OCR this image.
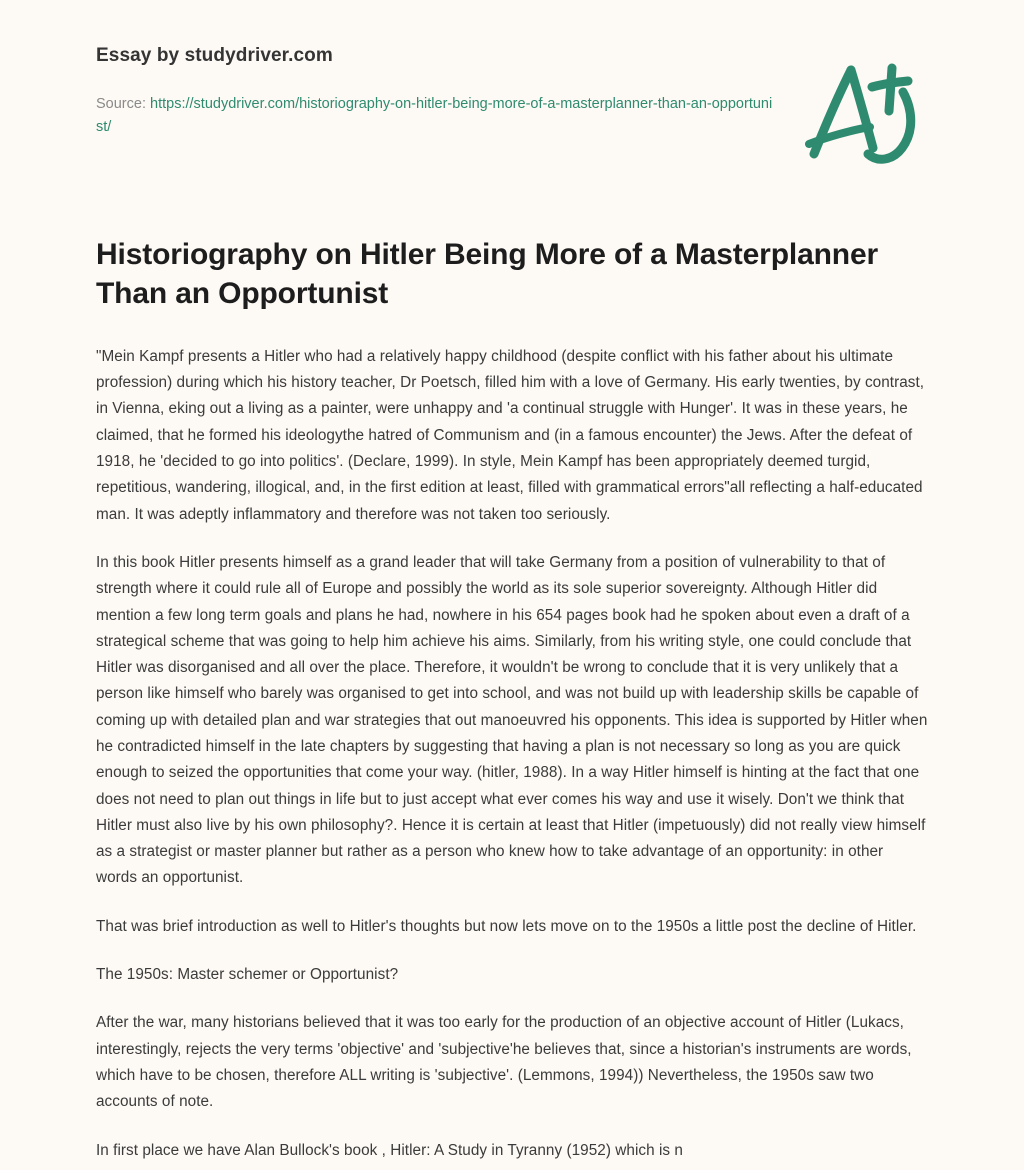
Essay by studydriver.com

Source: https://studydriver.com/historiography-on-hitler-being-more-of-a-masterplanner-than-an-opportunist/
Historiography on Hitler Being More of a Masterplanner Than an Opportunist

"Mein Kampf presents a Hitler who had a relatively happy childhood (despite conflict with his father about his ultimate profession) during which his history teacher, Dr Poetsch, filled him with a love of Germany. His early twenties, by contrast, in Vienna, eking out a living as a painter, were unhappy and 'a continual struggle with Hunger'. It was in these years, he claimed, that he formed his ideologythe hatred of Communism and (in a famous encounter) the Jews. After the defeat of 1918, he 'decided to go into politics'. (Declare, 1999). In style, Mein Kampf has been appropriately deemed turgid, repetitious, wandering, illogical, and, in the first edition at least, filled with grammatical errors"all reflecting a half-educated man. It was adeptly inflammatory and therefore was not taken too seriously.

In this book Hitler presents himself as a grand leader that will take Germany from a position of vulnerability to that of strength where it could rule all of Europe and possibly the world as its sole superior sovereignty. Although Hitler did mention a few long term goals and plans he had, nowhere in his 654 pages book had he spoken about even a draft of a strategical scheme that was going to help him achieve his aims. Similarly, from his writing style, one could conclude that Hitler was disorganised and all over the place. Therefore, it wouldn't be wrong to conclude that it is very unlikely that a person like himself who barely was organised to get into school, and was not build up with leadership skills be capable of coming up with detailed plan and war strategies that out manoeuvred his opponents. This idea is supported by Hitler when he contradicted himself in the late chapters by suggesting that having a plan is not necessary so long as you are quick enough to seized the opportunities that come your way. (hitler, 1988). In a way Hitler himself is hinting at the fact that one does not need to plan out things in life but to just accept what ever comes his way and use it wisely. Don't we think that Hitler must also live by his own philosophy?. Hence it is certain at least that Hitler (impetuously) did not really view himself as a strategist or master planner but rather as a person who knew how to take advantage of an opportunity: in other words an opportunist.

That was brief introduction as well to Hitler's thoughts but now lets move on to the 1950s a little post the decline of Hitler.

The 1950s: Master schemer or Opportunist?

After the war, many historians believed that it was too early for the production of an objective account of Hitler (Lukacs, interestingly, rejects the very terms 'objective' and 'subjective'he believes that, since a historian's instruments are words, which have to be chosen, therefore ALL writing is 'subjective'. (Lemmons, 1994)) Nevertheless, the 1950s saw two accounts of note.

In first place we have Alan Bullock's book , Hitler: A Study in Tyranny (1952) which is n
